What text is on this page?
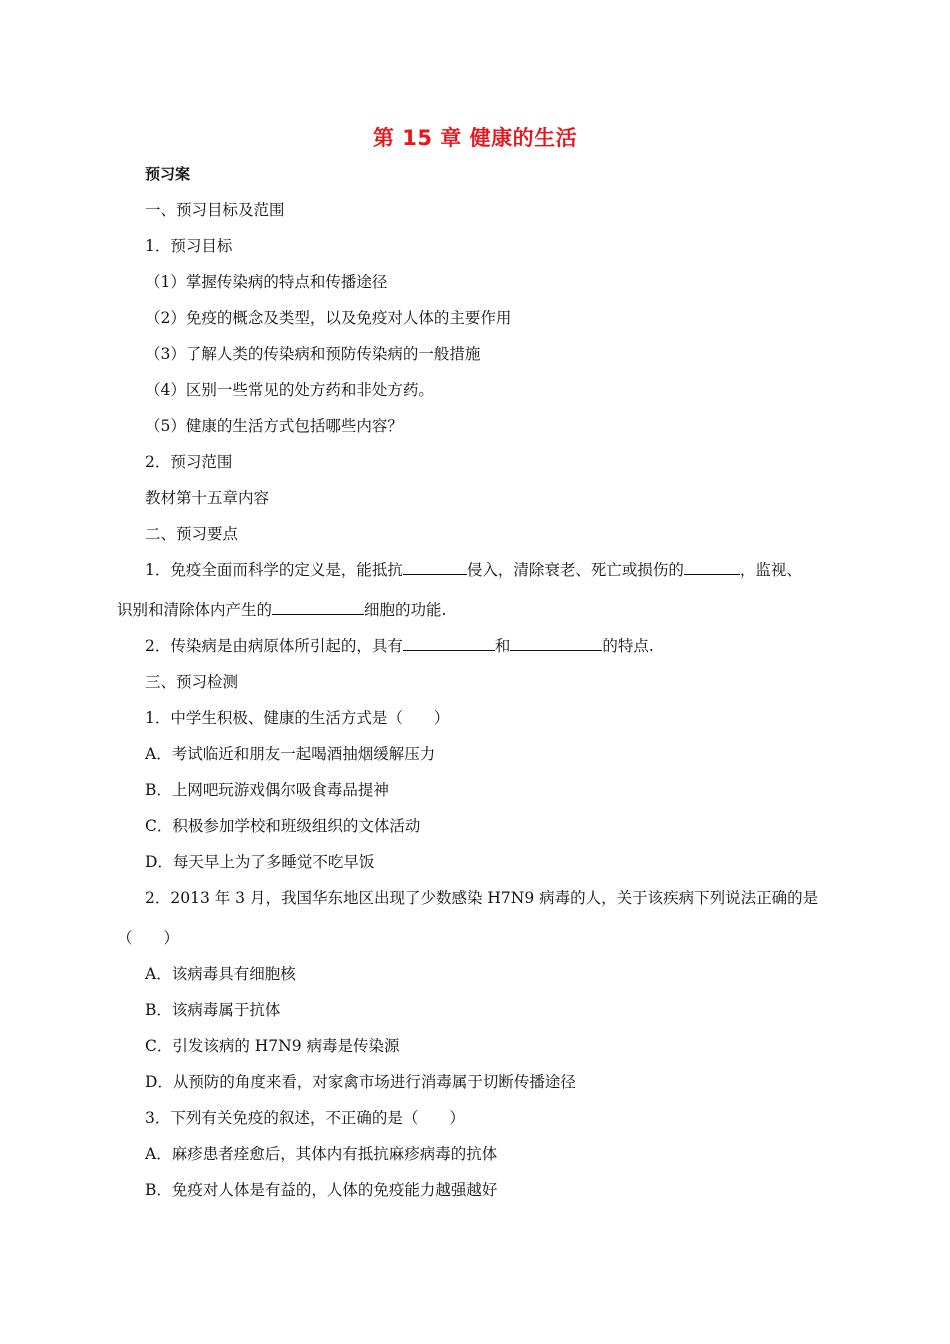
第 15 章 健康的生活
预习案
一、预习目标及范围
1．预习目标
（1）掌握传染病的特点和传播途径
（2）免疫的概念及类型，以及免疫对人体的主要作用
（3）了解人类的传染病和预防传染病的一般措施
（4）区别一些常见的处方药和非处方药。
（5）健康的生活方式包括哪些内容？
2．预习范围
教材第十五章内容
二、预习要点
1．免疫全面而科学的定义是，能抵抗	侵入，清除衰老、死亡或损伤的	，监视、
识别和清除体内产生的	细胞的功能.
2．传染病是由病原体所引起的，具有	和	的特点.
三、预习检测
1．中学生积极、健康的生活方式是（　　）
A．考试临近和朋友一起喝酒抽烟缓解压力
B．上网吧玩游戏偶尔吸食毒品提神
C．积极参加学校和班级组织的文体活动
D．每天早上为了多睡觉不吃早饭
2．2013 年 3 月，我国华东地区出现了少数感染 H7N9 病毒的人，关于该疾病下列说法正确的是
（　　）
A．该病毒具有细胞核
B．该病毒属于抗体
C．引发该病的 H7N9 病毒是传染源
D．从预防的角度来看，对家禽市场进行消毒属于切断传播途径
3．下列有关免疫的叙述，不正确的是（　　）
A．麻疹患者痊愈后，其体内有抵抗麻疹病毒的抗体
B．免疫对人体是有益的，人体的免疫能力越强越好
